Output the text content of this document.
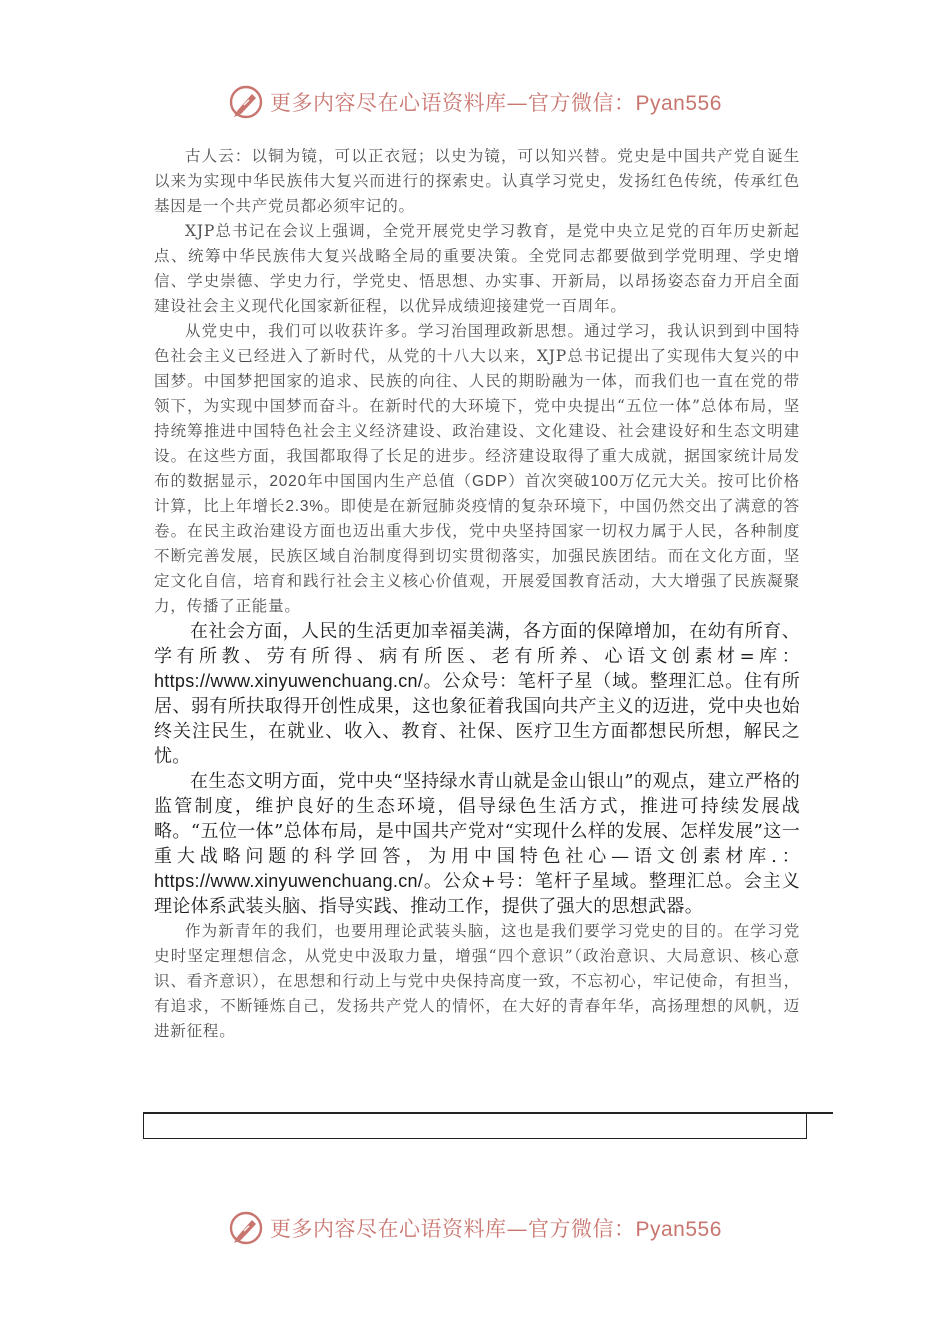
更多内容尽在心语资料库—官方微信：Pyan556

古人云：以铜为镜，可以正衣冠；以史为镜，可以知兴替。党史是中国共产党自诞生以来为实现中华民族伟大复兴而进行的探索史。认真学习党史，发扬红色传统，传承红色基因是一个共产党员都必须牢记的。

XJP总书记在会议上强调，全党开展党史学习教育，是党中央立足党的百年历史新起点、统筹中华民族伟大复兴战略全局的重要决策。全党同志都要做到学党明理、学史增信、学史崇德、学史力行，学党史、悟思想、办实事、开新局，以昂扬姿态奋力开启全面建设社会主义现代化国家新征程，以优异成绩迎接建党一百周年。

从党史中，我们可以收获许多。学习治国理政新思想。通过学习，我认识到到中国特色社会主义已经进入了新时代，从党的十八大以来，XJP总书记提出了实现伟大复兴的中国梦。中国梦把国家的追求、民族的向往、人民的期盼融为一体，而我们也一直在党的带领下，为实现中国梦而奋斗。在新时代的大环境下，党中央提出“五位一体”总体布局，坚持统筹推进中国特色社会主义经济建设、政治建设、文化建设、社会建设好和生态文明建设。在这些方面，我国都取得了长足的进步。经济建设取得了重大成就，据国家统计局发布的数据显示，2020年中国国内生产总值（GDP）首次突破100万亿元大关。按可比价格计算，比上年增长2.3%。即使是在新冠肺炎疫情的复杂环境下，中国仍然交出了满意的答卷。在民主政治建设方面也迈出重大步伐，党中央坚持国家一切权力属于人民，各种制度不断完善发展，民族区域自治制度得到切实贯彻落实，加强民族团结。而在文化方面，坚定文化自信，培育和践行社会主义核心价值观，开展爱国教育活动，大大增强了民族凝聚力，传播了正能量。

在社会方面，人民的生活更加幸福美满，各方面的保障增加，在幼有所育、学有所教、劳有所得、病有所医、老有所养、心语文创素材=库：https://www.xinyuwenchuang.cn/。公众号：笔杆子星（域。整理汇总。住有所居、弱有所扶取得开创性成果，这也象征着我国向共产主义的迈进，党中央也始终关注民生，在就业、收入、教育、社保、医疗卫生方面都想民所想，解民之忧。

在生态文明方面，党中央“坚持绿水青山就是金山银山”的观点，建立严格的监管制度，维护良好的生态环境，倡导绿色生活方式，推进可持续发展战略。“五位一体”总体布局，是中国共产党对“实现什么样的发展、怎样发展”这一重大战略问题的科学回答，为用中国特色社心—语文创素材库.：https://www.xinyuwenchuang.cn/。公众+号：笔杆子星域。整理汇总。会主义理论体系武装头脑、指导实践、推动工作，提供了强大的思想武器。

作为新青年的我们，也要用理论武装头脑，这也是我们要学习党史的目的。在学习党史时坚定理想信念，从党史中汲取力量，增强“四个意识”（政治意识、大局意识、核心意识、看齐意识），在思想和行动上与党中央保持高度一致，不忘初心，牢记使命，有担当，有追求，不断锤炼自己，发扬共产党人的情怀，在大好的青春年华，高扬理想的风帆，迈进新征程。

更多内容尽在心语资料库—官方微信：Pyan556
